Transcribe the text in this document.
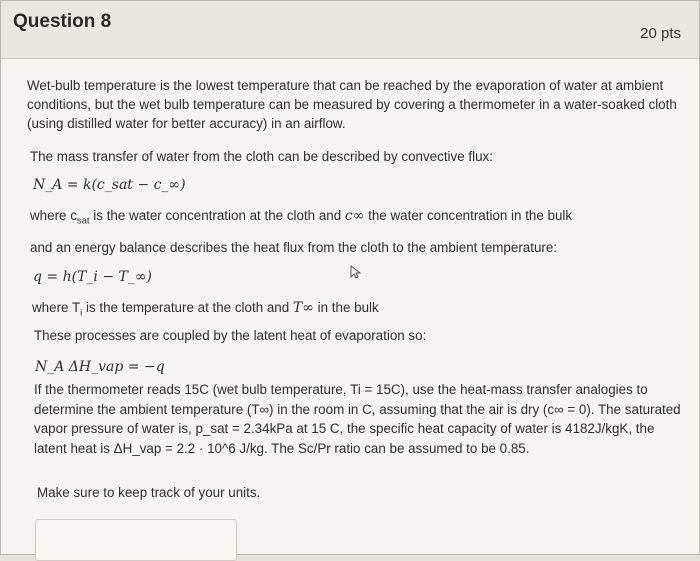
Question 8
20 pts
Wet-bulb temperature is the lowest temperature that can be reached by the evaporation of water at ambient conditions, but the wet bulb temperature can be measured by covering a thermometer in a water-soaked cloth (using distilled water for better accuracy) in an airflow.
The mass transfer of water from the cloth can be described by convective flux:
N_A = k(c_sat − c_∞)
where $c_{sat}$ is the water concentration at the cloth and c∞ the water concentration in the bulk
and an energy balance describes the heat flux from the cloth to the ambient temperature:
q = h(T_i − T_∞)
where $T_i$ is the temperature at the cloth and T∞ in the bulk
These processes are coupled by the latent heat of evaporation so:
N_A ΔH_vap = −q
If the thermometer reads 15C (wet bulb temperature, Ti = 15C), use the heat-mass transfer analogies to determine the ambient temperature (T∞) in the room in C, assuming that the air is dry (c∞ = 0). The saturated vapor pressure of water is, p_sat = 2.34kPa at 15 C, the specific heat capacity of water is 4182J/kgK, the latent heat is ΔH_vap = 2.2 · 10^6 J/kg. The Sc/Pr ratio can be assumed to be 0.85.
Make sure to keep track of your units.
